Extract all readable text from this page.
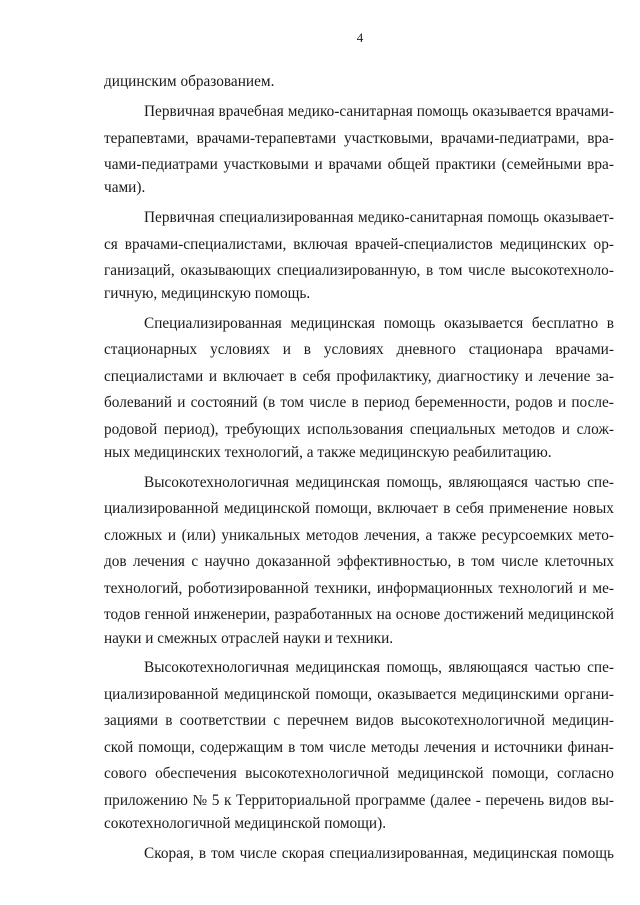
4
дицинским образованием.
Первичная врачебная медико-санитарная помощь оказывается врачами-
терапевтами, врачами-терапевтами участковыми, врачами-педиатрами, вра-
чами-педиатрами участковыми и врачами общей практики (семейными вра-
чами).
Первичная специализированная медико-санитарная помощь оказывает-
ся врачами-специалистами, включая врачей-специалистов медицинских ор-
ганизаций, оказывающих специализированную, в том числе высокотехноло-
гичную, медицинскую помощь.
Специализированная медицинская помощь оказывается бесплатно в
стационарных условиях и в условиях дневного стационара врачами-
специалистами и включает в себя профилактику, диагностику и лечение за-
болеваний и состояний (в том числе в период беременности, родов и после-
родовой период), требующих использования специальных методов и слож-
ных медицинских технологий, а также медицинскую реабилитацию.
Высокотехнологичная медицинская помощь, являющаяся частью спе-
циализированной медицинской помощи, включает в себя применение новых
сложных и (или) уникальных методов лечения, а также ресурсоемких мето-
дов лечения с научно доказанной эффективностью, в том числе клеточных
технологий, роботизированной техники, информационных технологий и ме-
тодов генной инженерии, разработанных на основе достижений медицинской
науки и смежных отраслей науки и техники.
Высокотехнологичная медицинская помощь, являющаяся частью спе-
циализированной медицинской помощи, оказывается медицинскими органи-
зациями в соответствии с перечнем видов высокотехнологичной медицин-
ской помощи, содержащим в том числе методы лечения и источники финан-
сового обеспечения высокотехнологичной медицинской помощи, согласно
приложению № 5 к Территориальной программе (далее - перечень видов вы-
сокотехнологичной медицинской помощи).
Скорая, в том числе скорая специализированная, медицинская помощь
